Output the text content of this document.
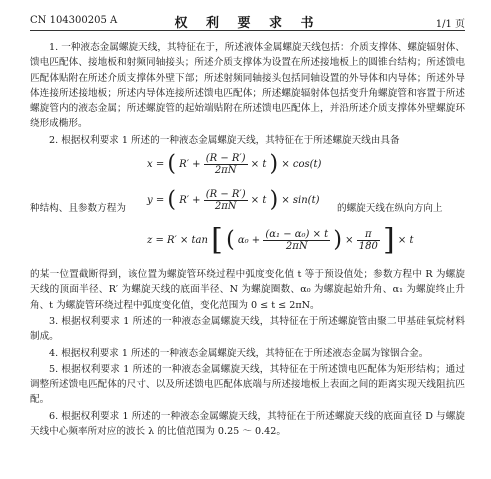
CN 104300205 A	权 利 要 求 书	1/1 页

1. 一种液态金属螺旋天线，其特征在于，所述液体金属螺旋天线包括：介质支撑体、螺旋辐射体、馈电匹配体、接地板和射频同轴接头；所述介质支撑体为设置在所述接地板上的圆锥台结构；所述馈电匹配体贴附在所述介质支撑体外壁下部；所述射频同轴接头包括同轴设置的外导体和内导体；所述外导体连接所述接地板；所述内导体连接所述馈电匹配体；所述螺旋辐射体包括变升角螺旋管和容置于所述螺旋管内的液态金属；所述螺旋管的起始端贴附在所述馈电匹配体上，并沿所述介质支撑体外壁螺旋环绕形成椭形。

2. 根据权利要求 1 所述的一种液态金属螺旋天线，其特征在于所述螺旋天线由具备

种结构、且参数方程为	的螺旋天线在纵向方向上
x = ( $R' + \frac{(R - R')}{2\pi N} \times t$ ) × cos(t)
y = ( $R' + \frac{(R - R')}{2\pi N} \times t$ ) × sin(t)
z = R′ × tan [ ( $\alpha_0 + \frac{\text{(α₁ − α₀) × t}}{2\pi N}$ ) × $\frac{\pi}{180}$ ] × t

的某一位置截断得到，该位置为螺旋管环绕过程中弧度变化值 t 等于预设值处；参数方程中 R 为螺旋天线的顶面半径、R′ 为螺旋天线的底面半径、N 为螺旋圈数、α₀ 为螺旋起始升角、α₁ 为螺旋终止升角、t 为螺旋管环绕过程中弧度变化值，变化范围为 0 ≤ t ≤ 2πN。

3. 根据权利要求 1 所述的一种液态金属螺旋天线，其特征在于所述螺旋管由聚二甲基硅氧烷材料制成。

4. 根据权利要求 1 所述的一种液态金属螺旋天线，其特征在于所述液态金属为镓铟合金。

5. 根据权利要求 1 所述的一种液态金属螺旋天线，其特征在于所述馈电匹配体为矩形结构；通过调整所述馈电匹配体的尺寸、以及所述馈电匹配体底端与所述接地板上表面之间的距离实现天线阻抗匹配。

6. 根据权利要求 1 所述的一种液态金属螺旋天线，其特征在于所述螺旋天线的底面直径 D 与螺旋天线中心频率所对应的波长 λ 的比值范围为 0.25 ～ 0.42。
